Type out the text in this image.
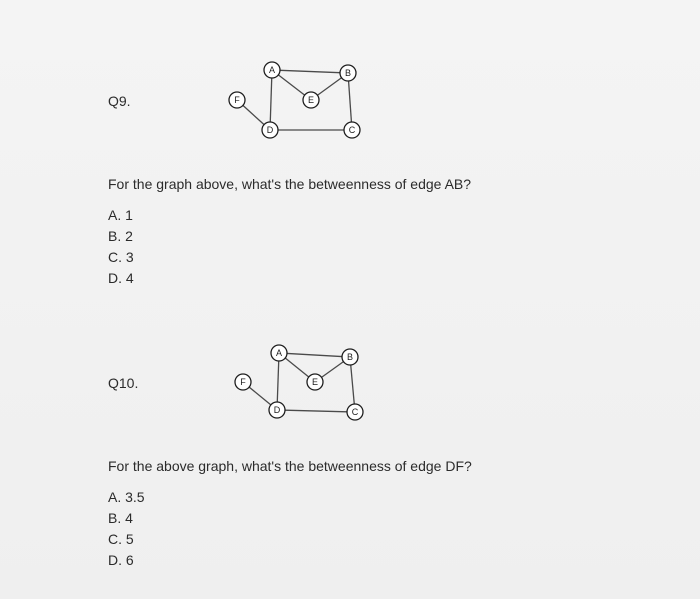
Q9.
A	B
C
D
E
F
For the graph above, what's the betweenness of edge AB?
A. 1
B. 2
C. 3
D. 4
Q10.
A	B
C
D
E
F
For the above graph, what's the betweenness of edge DF?
A. 3.5
B. 4
C. 5
D. 6
